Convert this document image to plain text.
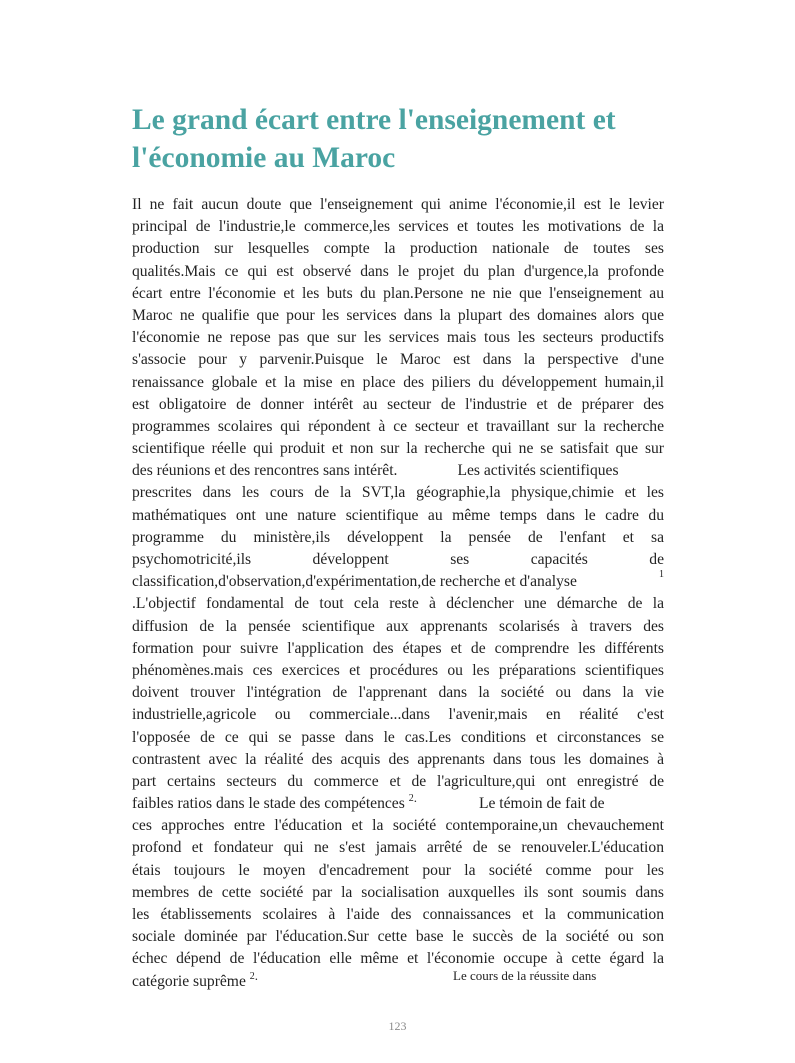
Le grand écart entre l'enseignement et l'économie au Maroc
Il ne fait aucun doute que l'enseignement qui anime l'économie,il est le levier
principal de l'industrie,le commerce,les services et toutes les motivations de la
production sur lesquelles compte la production nationale de toutes ses
qualités.Mais ce qui est observé dans le projet du plan d'urgence,la profonde
écart entre l'économie et les buts du plan.Persone ne nie que l'enseignement au
Maroc ne qualifie que pour les services dans la plupart des domaines alors que
l'économie ne repose pas que sur les services mais tous les secteurs productifs
s'associe pour y parvenir.Puisque le Maroc est dans la perspective d'une
renaissance globale et la mise en place des piliers du développement humain,il
est obligatoire de donner intérêt au secteur de l'industrie et de préparer des
programmes scolaires qui répondent à ce secteur et travaillant sur la recherche
scientifique réelle qui produit et non sur la recherche qui ne se satisfait que sur
des réunions et des rencontres sans intérêt.	Les activités scientifiques
prescrites dans les cours de la SVT,la géographie,la physique,chimie et les
mathématiques ont une nature scientifique au même temps dans le cadre du
programme du ministère,ils développent la pensée de l'enfant et sa
psychomotricité,ils développent ses capacités de
classification,d'observation,d'expérimentation,de recherche et d'analyse	1
.L'objectif fondamental de tout cela reste à déclencher une démarche de la
diffusion de la pensée scientifique aux apprenants scolarisés à travers des
formation pour suivre l'application des étapes et de comprendre les différents
phénomènes.mais ces exercices et procédures ou les préparations scientifiques
doivent trouver l'intégration de l'apprenant dans la société ou dans la vie
industrielle,agricole ou commerciale...dans l'avenir,mais en réalité c'est
l'opposée de ce qui se passe dans le cas.Les conditions et circonstances se
contrastent avec la réalité des acquis des apprenants dans tous les domaines à
part certains secteurs du commerce et de l'agriculture,qui ont enregistré de
faibles ratios dans le stade des compétences $^{2.}$	Le témoin de fait de
ces approches entre l'éducation et la société contemporaine,un chevauchement
profond et fondateur qui ne s'est jamais arrêté de se renouveler.L'éducation
étais toujours le moyen d'encadrement pour la société comme pour les
membres de cette société par la socialisation auxquelles ils sont soumis dans
les établissements scolaires à l'aide des connaissances et la communication
sociale dominée par l'éducation.Sur cette base le succès de la société ou son
échec dépend de l'éducation elle même et l'économie occupe à cette égard la
catégorie suprême $^{2.}$	$^{Le cours de la réussite dans}$
123
